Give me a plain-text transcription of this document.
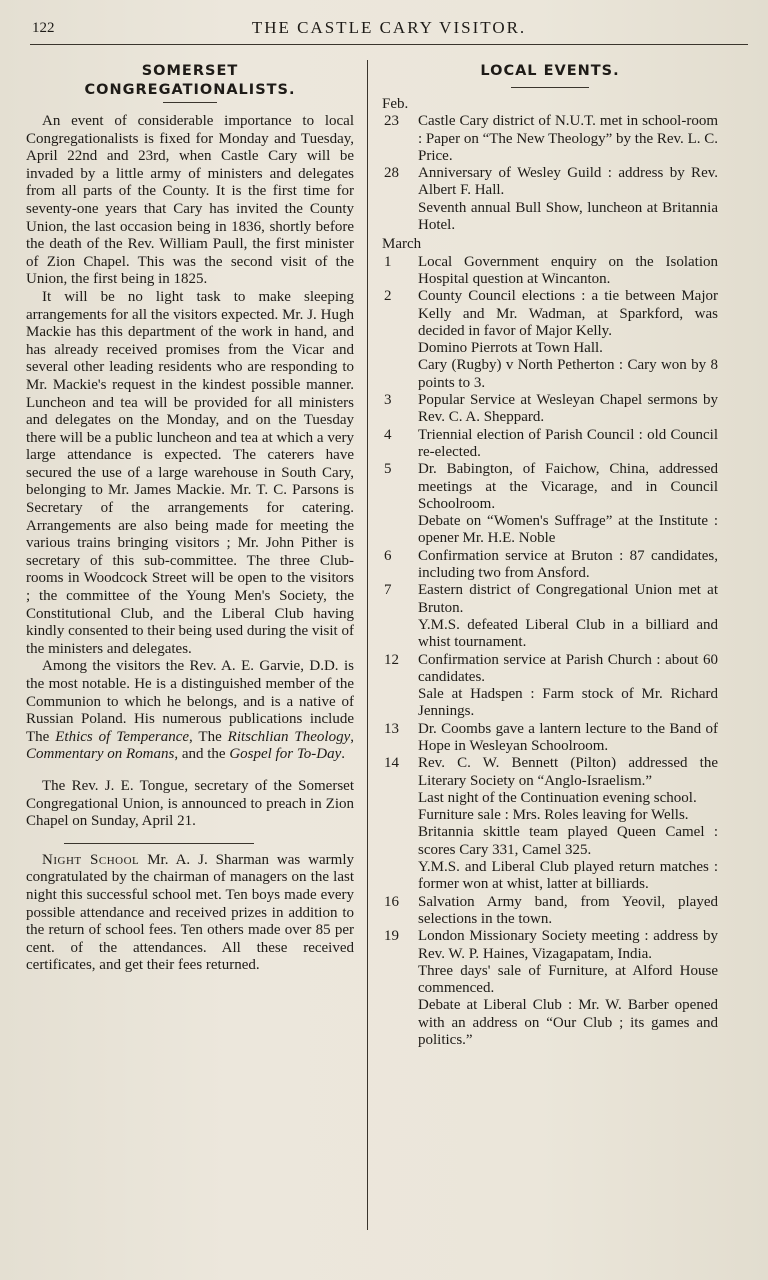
122	THE CASTLE CARY VISITOR.
SOMERSET
CONGREGATIONALISTS.

An event of considerable importance to local Congregationalists is fixed for Monday and Tuesday, April 22nd and 23rd, when Castle Cary will be invaded by a little army of ministers and delegates from all parts of the County. It is the first time for seventy-one years that Cary has invited the County Union, the last occasion being in 1836, shortly before the death of the Rev. William Paull, the first minister of Zion Chapel. This was the second visit of the Union, the first being in 1825.

It will be no light task to make sleeping arrangements for all the visitors expected. Mr. J. Hugh Mackie has this department of the work in hand, and has already received promises from the Vicar and several other leading residents who are responding to Mr. Mackie's request in the kindest possible manner. Luncheon and tea will be provided for all ministers and delegates on the Monday, and on the Tuesday there will be a public luncheon and tea at which a very large attendance is expected. The caterers have secured the use of a large warehouse in South Cary, belonging to Mr. James Mackie. Mr. T. C. Parsons is Secretary of the arrangements for catering. Arrangements are also being made for meeting the various trains bringing visitors ; Mr. John Pither is secretary of this sub-committee. The three Club-rooms in Woodcock Street will be open to the visitors ; the committee of the Young Men's Society, the Constitutional Club, and the Liberal Club having kindly consented to their being used during the visit of the ministers and delegates.

Among the visitors the Rev. A. E. Garvie, D.D. is the most notable. He is a distinguished member of the Communion to which he belongs, and is a native of Russian Poland. His numerous publications include The Ethics of Temperance, The Ritschlian Theology, Commentary on Romans, and the Gospel for To-Day.

The Rev. J. E. Tongue, secretary of the Somerset Congregational Union, is announced to preach in Zion Chapel on Sunday, April 21.

Night School Mr. A. J. Sharman was warmly congratulated by the chairman of managers on the last night this successful school met. Ten boys made every possible attendance and received prizes in addition to the return of school fees. Ten others made over 85 per cent. of the attendances. All these received certificates, and get their fees returned.

LOCAL EVENTS.
Feb.
23	Castle Cary district of N.U.T. met in school-room : Paper on “The New Theology” by the Rev. L. C. Price.
28	Anniversary of Wesley Guild : address by Rev. Albert F. Hall.
Seventh annual Bull Show, luncheon at Britannia Hotel.
March
1	Local Government enquiry on the Isolation Hospital question at Wincanton.
2	County Council elections : a tie between Major Kelly and Mr. Wadman, at Sparkford, was decided in favor of Major Kelly.
Domino Pierrots at Town Hall.
Cary (Rugby) v North Petherton : Cary won by 8 points to 3.
3	Popular Service at Wesleyan Chapel sermons by Rev. C. A. Sheppard.
4	Triennial election of Parish Council : old Council re-elected.
5	Dr. Babington, of Faichow, China, addressed meetings at the Vicarage, and in Council Schoolroom.
Debate on “Women's Suffrage” at the Institute : opener Mr. H.E. Noble
6	Confirmation service at Bruton : 87 candidates, including two from Ansford.
7	Eastern district of Congregational Union met at Bruton.
Y.M.S. defeated Liberal Club in a billiard and whist tournament.
12	Confirmation service at Parish Church : about 60 candidates.
Sale at Hadspen : Farm stock of Mr. Richard Jennings.
13	Dr. Coombs gave a lantern lecture to the Band of Hope in Wesleyan Schoolroom.
14	Rev. C. W. Bennett (Pilton) addressed the Literary Society on “Anglo-Israelism.”
Last night of the Continuation evening school.
Furniture sale : Mrs. Roles leaving for Wells.
Britannia skittle team played Queen Camel : scores Cary 331, Camel 325.
Y.M.S. and Liberal Club played return matches : former won at whist, latter at billiards.
16	Salvation Army band, from Yeovil, played selections in the town.
19	London Missionary Society meeting : address by Rev. W. P. Haines, Vizagapatam, India.
Three days' sale of Furniture, at Alford House commenced.
Debate at Liberal Club : Mr. W. Barber opened with an address on “Our Club ; its games and politics.”
